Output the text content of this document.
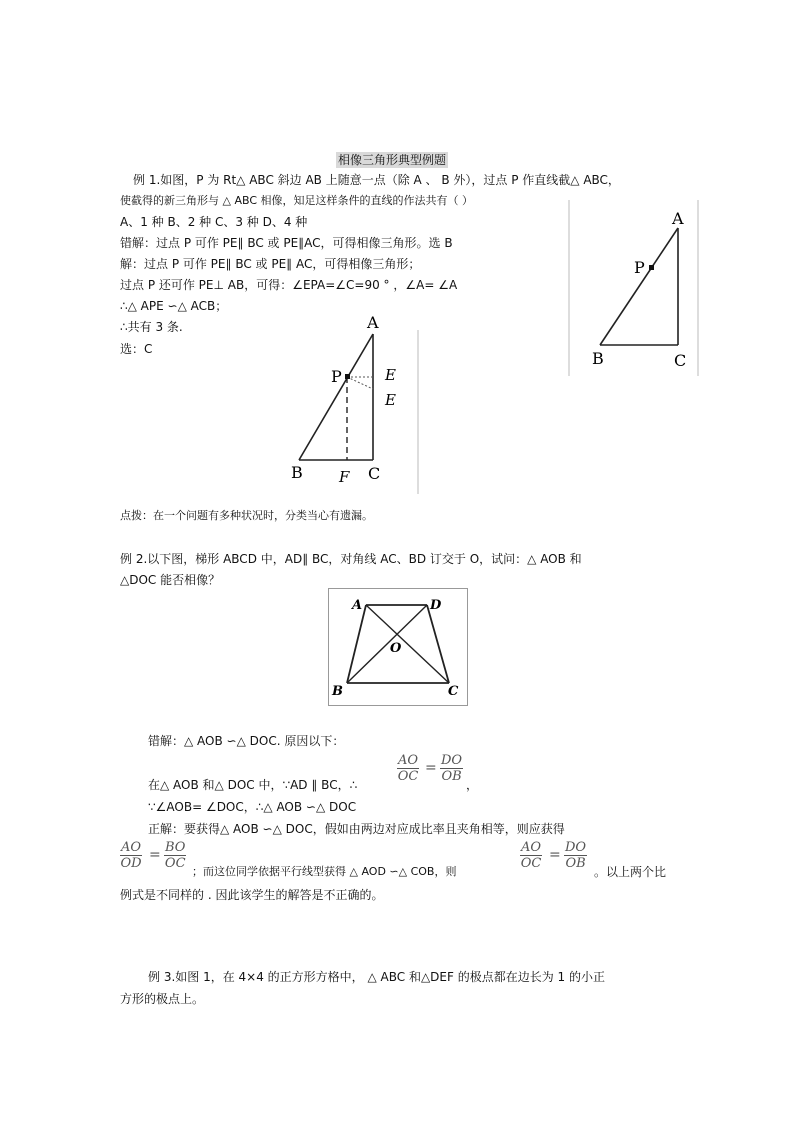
相像三角形典型例题
例 1.如图，P 为 Rt△ ABC 斜边 AB 上随意一点（除 A 、 B 外），过点 P 作直线截△ ABC，
使截得的新三角形与 △ ABC 相像，知足这样条件的直线的作法共有（ ）
A、1 种 B、2 种 C、3 种 D、4 种
错解：过点 P 可作 PE∥ BC 或 PE∥AC，可得相像三角形。选 B
解：过点 P 可作 PE∥ BC 或 PE∥ AC，可得相像三角形；
过点 P 还可作 PE⊥ AB，可得：∠EPA=∠C=90 ° ，∠A= ∠A
∴△ APE ∽△ ACB；
∴共有 3 条.
选：C
A
P
B	C
A
P	E
E
B F C
点拨：在一个问题有多种状况时，分类当心有遗漏。
例 2.以下图，梯形 ABCD 中，AD∥ BC，对角线 AC、BD 订交于 O，试问：△ AOB 和
△DOC 能否相像？
A	D
O
B	C
错解：△ AOB ∽△ DOC. 原因以下：
在△ AOB 和△ DOC 中，∵AD ∥ BC，∴
$\frac{AO}{OC} = \frac{DO}{OB}$
，
∵∠AOB= ∠DOC，∴△ AOB ∽△ DOC
正解：要获得△ AOB ∽△ DOC，假如由两边对应成比率且夹角相等，则应获得
$\frac{AO}{OD} = \frac{BO}{OC}$
；而这位同学依据平行线型获得 △ AOD ∽△ COB，则
$\frac{AO}{OC} = \frac{DO}{OB}$
。以上两个比
例式是不同样的 . 因此该学生的解答是不正确的。
例 3.如图 1，在 4×4 的正方形方格中， △ ABC 和△DEF 的极点都在边长为 1 的小正
方形的极点上。
